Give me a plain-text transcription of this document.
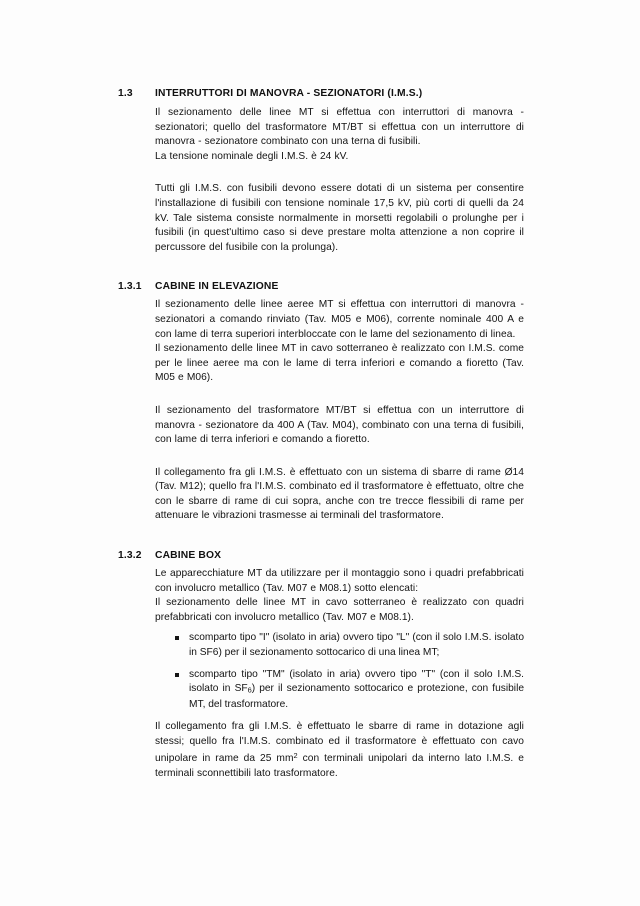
1.3	INTERRUTTORI DI MANOVRA - SEZIONATORI (I.M.S.)
Il sezionamento delle linee MT si effettua con interruttori di manovra - sezionatori; quello del trasformatore MT/BT si effettua con un interruttore di manovra - sezionatore combinato con una terna di fusibili.
La tensione nominale degli I.M.S. è 24 kV.
Tutti gli I.M.S. con fusibili devono essere dotati di un sistema per consentire l'installazione di fusibili con tensione nominale 17,5 kV, più corti di quelli da 24 kV. Tale sistema consiste normalmente in morsetti regolabili o prolunghe per i fusibili (in quest'ultimo caso si deve prestare molta attenzione a non coprire il percussore del fusibile con la prolunga).
1.3.1	CABINE IN ELEVAZIONE
Il sezionamento delle linee aeree MT si effettua con interruttori di manovra - sezionatori a comando rinviato (Tav. M05 e M06), corrente nominale 400 A e con lame di terra superiori interbloccate con le lame del sezionamento di linea.
Il sezionamento delle linee MT in cavo sotterraneo è realizzato con I.M.S. come per le linee aeree ma con le lame di terra inferiori e comando a fioretto (Tav. M05 e M06).
Il sezionamento del trasformatore MT/BT si effettua con un interruttore di manovra - sezionatore da 400 A (Tav. M04), combinato con una terna di fusibili, con lame di terra inferiori e comando a fioretto.
Il collegamento fra gli I.M.S. è effettuato con un sistema di sbarre di rame Ø14 (Tav. M12); quello fra l'I.M.S. combinato ed il trasformatore è effettuato, oltre che con le sbarre di rame di cui sopra, anche con tre trecce flessibili di rame per attenuare le vibrazioni trasmesse ai terminali del trasformatore.
1.3.2	CABINE BOX
Le apparecchiature MT da utilizzare per il montaggio sono i quadri prefabbricati con involucro metallico (Tav. M07 e M08.1) sotto elencati:
Il sezionamento delle linee MT in cavo sotterraneo è realizzato con quadri prefabbricati con involucro metallico (Tav. M07 e M08.1).
scomparto tipo "I" (isolato in aria) ovvero tipo "L" (con il solo I.M.S. isolato in SF6) per il sezionamento sottocarico di una linea MT;
scomparto tipo "TM" (isolato in aria) ovvero tipo "T" (con il solo I.M.S. isolato in $SF_6$) per il sezionamento sottocarico e protezione, con fusibile MT, del trasformatore.
Il collegamento fra gli I.M.S. è effettuato le sbarre di rame in dotazione agli stessi; quello fra l'I.M.S. combinato ed il trasformatore è effettuato con cavo unipolare in rame da 25 $mm^2$ con terminali unipolari da interno lato I.M.S. e terminali sconnettibili lato trasformatore.
